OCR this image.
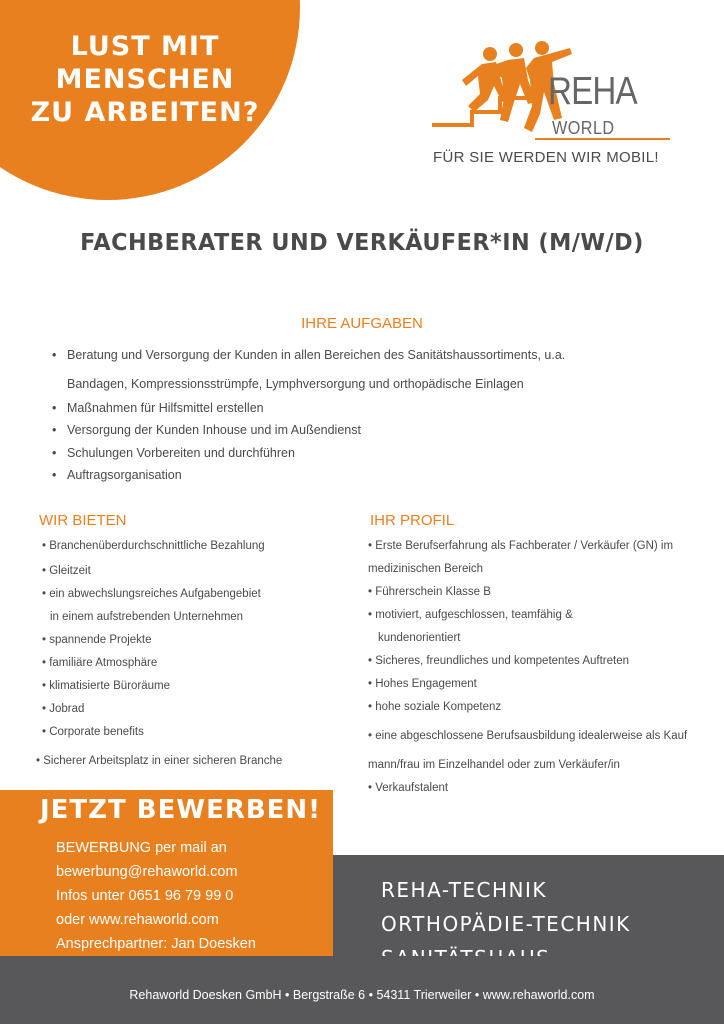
LUST MIT
MENSCHEN
ZU ARBEITEN?	REHA
WORLD
FÜR SIE WERDEN WIR MOBIL!
FACHBERATER UND VERKÄUFER*IN (M/W/D)
IHRE AUFGABEN
• Beratung und Versorgung der Kunden in allen Bereichen des Sanitätshaussortiments, u.a.
Bandagen, Kompressionsstrümpfe, Lymphversorgung und orthopädische Einlagen
• Maßnahmen für Hilfsmittel erstellen
• Versorgung der Kunden Inhouse und im Außendienst
• Schulungen Vorbereiten und durchführen
• Auftragsorganisation
WIR BIETEN
• Branchenüberdurchschnittliche Bezahlung
• Gleitzeit
• ein abwechslungsreiches Aufgabengebiet
in einem aufstrebenden Unternehmen
• spannende Projekte
• familiäre Atmosphäre
• klimatisierte Büroräume
• Jobrad
• Corporate benefits
• Sicherer Arbeitsplatz in einer sicheren Branche
IHR PROFIL
• Erste Berufserfahrung als Fachberater / Verkäufer (GN) im
medizinischen Bereich
• Führerschein Klasse B
• motiviert, aufgeschlossen, teamfähig &
kundenorientiert
• Sicheres, freundliches und kompetentes Auftreten
• Hohes Engagement
• hohe soziale Kompetenz
• eine abgeschlossene Berufsausbildung idealerweise als Kauf
mann/frau im Einzelhandel oder zum Verkäufer/in
• Verkaufstalent
JETZT BEWERBEN!
BEWERBUNG per mail an
bewerbung@rehaworld.com
Infos unter 0651 96 79 99 0
oder www.rehaworld.com
Ansprechpartner: Jan Doesken
REHA-TECHNIK
ORTHOPÄDIE-TECHNIK
Rehaworld Doesken GmbH • Bergstraße 6 • 54311 Trierweiler • www.rehaworld.com
